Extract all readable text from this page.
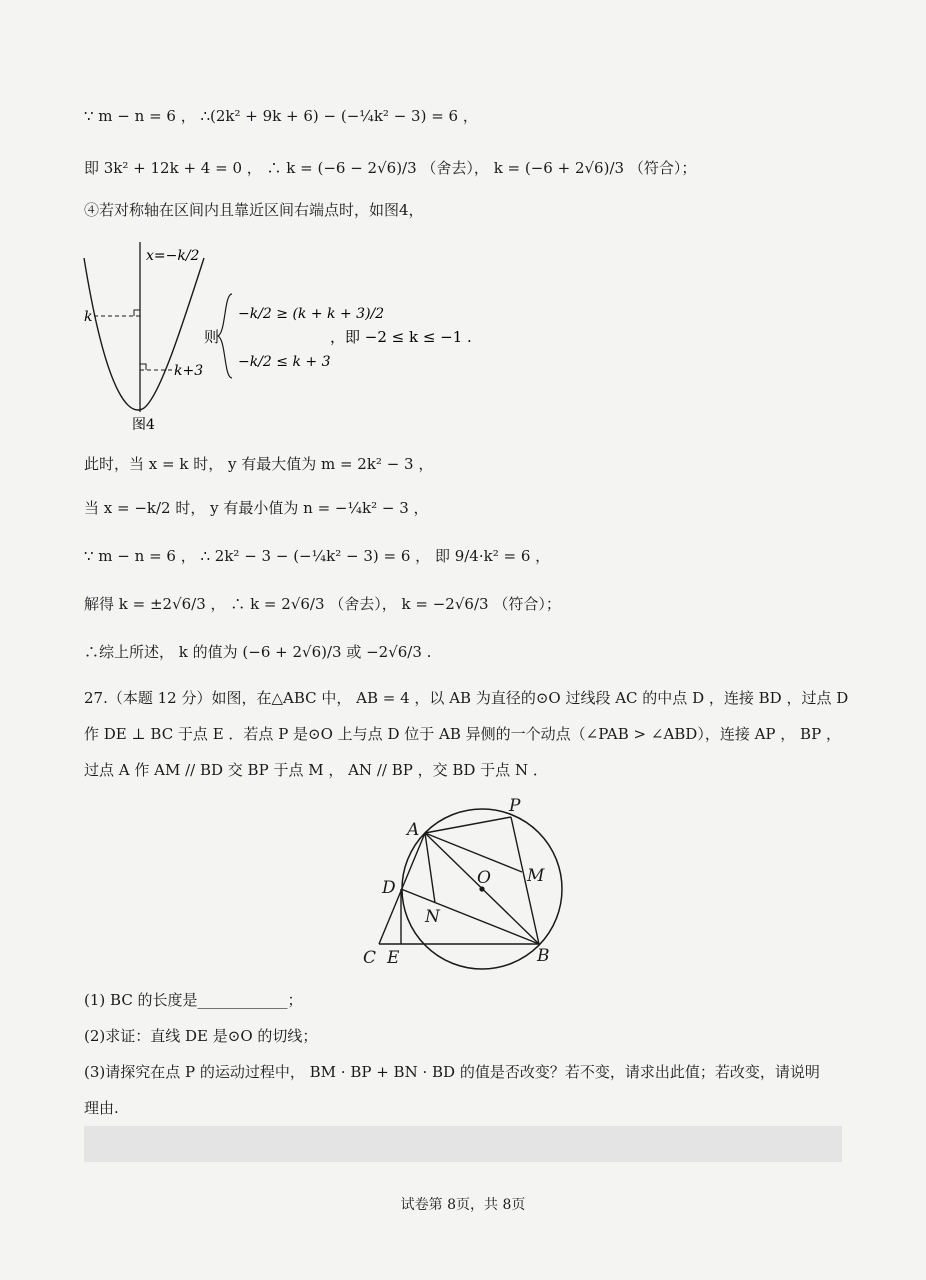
∵ m − n = 6 ， ∴(2k² + 9k + 6) − (−¼k² − 3) = 6 ，
即 3k² + 12k + 4 = 0 ， ∴ k = (−6 − 2√6)/3 （舍去）， k = (−6 + 2√6)/3 （符合）；
④若对称轴在区间内且靠近区间右端点时，如图4，
x=−k/2
k
k+3
图4
则
−k/2 ≥ (k + k + 3)/2
−k/2 ≤ k + 3
，即 −2 ≤ k ≤ −1 .
此时，当 x = k 时， y 有最大值为 m = 2k² − 3 ，
当 x = −k/2 时， y 有最小值为 n = −¼k² − 3 ，
∵ m − n = 6 ， ∴ 2k² − 3 − (−¼k² − 3) = 6 ， 即 9/4·k² = 6 ，
解得 k = ±2√6/3 ， ∴ k = 2√6/3 （舍去）， k = −2√6/3 （符合）；
∴综上所述， k 的值为 (−6 + 2√6)/3 或 −2√6/3 .
27.（本题 12 分）如图，在△ABC 中， AB = 4 ，以 AB 为直径的⊙O 过线段 AC 的中点 D ，连接 BD ，过点 D
作 DE ⊥ BC 于点 E ．若点 P 是⊙O 上与点 D 位于 AB 异侧的一个动点（∠PAB > ∠ABD），连接 AP ， BP ，
过点 A 作 AM // BD 交 BP 于点 M ， AN // BP ，交 BD 于点 N ．
A
P
O M
D
N
C E	B
(1) BC 的长度是____________；
(2)求证：直线 DE 是⊙O 的切线；
(3)请探究在点 P 的运动过程中， BM · BP + BN · BD 的值是否改变？若不变，请求出此值；若改变，请说明
理由.
试卷第 8页，共 8页
